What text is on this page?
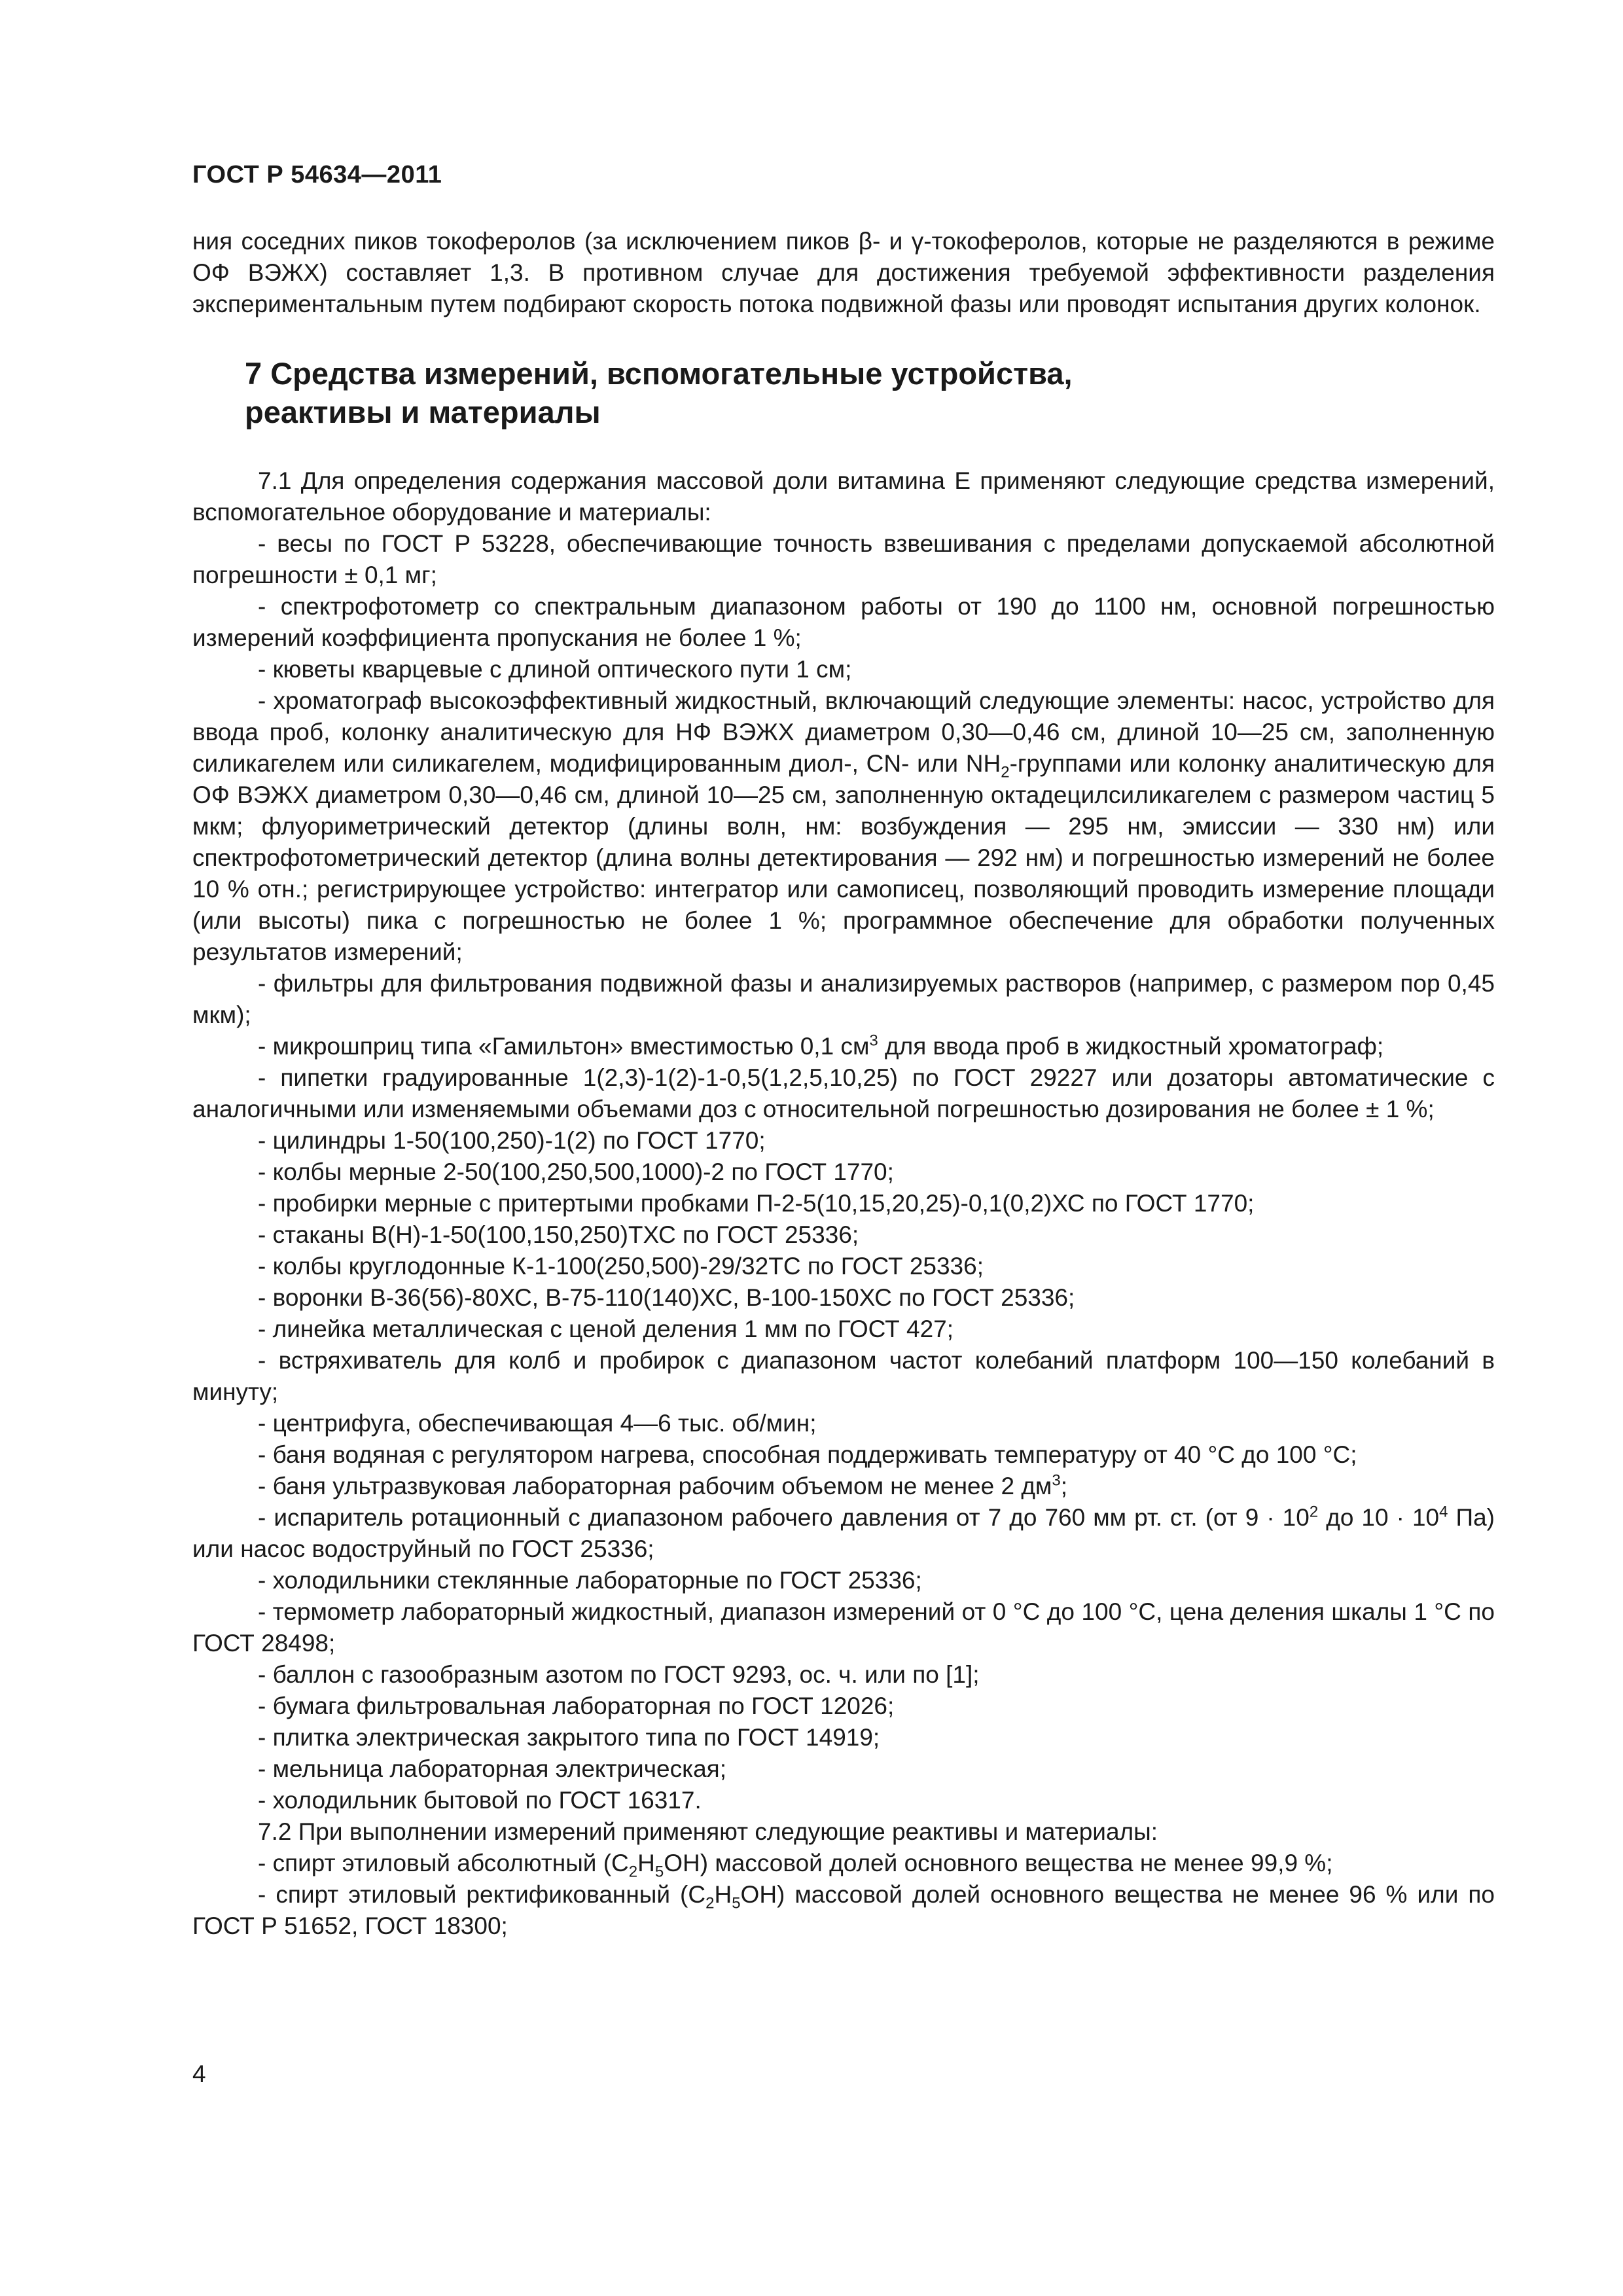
ГОСТ Р 54634—2011

ния соседних пиков токоферолов (за исключением пиков β- и γ-токоферолов, которые не разделяются в режиме ОФ ВЭЖХ) составляет 1,3. В противном случае для достижения требуемой эффективности разделения экспериментальным путем подбирают скорость потока подвижной фазы или проводят испытания других колонок.

7 Средства измерений, вспомогательные устройства,
реактивы и материалы

7.1 Для определения содержания массовой доли витамина Е применяют следующие средства измерений, вспомогательное оборудование и материалы:

- весы по ГОСТ Р 53228, обеспечивающие точность взвешивания с пределами допускаемой абсолютной погрешности ± 0,1 мг;

- спектрофотометр со спектральным диапазоном работы от 190 до 1100 нм, основной погрешностью измерений коэффициента пропускания не более 1 %;

- кюветы кварцевые с длиной оптического пути 1 см;

- хроматограф высокоэффективный жидкостный, включающий следующие элементы: насос, устройство для ввода проб, колонку аналитическую для НФ ВЭЖХ диаметром 0,30—0,46 см, длиной 10—25 см, заполненную силикагелем или силикагелем, модифицированным диол-, CN- или $NH_2$-группами или колонку аналитическую для ОФ ВЭЖХ диаметром 0,30—0,46 см, длиной 10—25 см, заполненную октадецилсиликагелем с размером частиц 5 мкм; флуориметрический детектор (длины волн, нм: возбуждения — 295 нм, эмиссии — 330 нм) или спектрофотометрический детектор (длина волны детектирования — 292 нм) и погрешностью измерений не более 10 % отн.; регистрирующее устройство: интегратор или самописец, позволяющий проводить измерение площади (или высоты) пика с погрешностью не более 1 %; программное обеспечение для обработки полученных результатов измерений;

- фильтры для фильтрования подвижной фазы и анализируемых растворов (например, с размером пор 0,45 мкм);

- микрошприц типа «Гамильтон» вместимостью 0,1 $см^3$ для ввода проб в жидкостный хроматограф;

- пипетки градуированные 1(2,3)-1(2)-1-0,5(1,2,5,10,25) по ГОСТ 29227 или дозаторы автоматические с аналогичными или изменяемыми объемами доз с относительной погрешностью дозирования не более ± 1 %;

- цилиндры 1-50(100,250)-1(2) по ГОСТ 1770;

- колбы мерные 2-50(100,250,500,1000)-2 по ГОСТ 1770;

- пробирки мерные с притертыми пробками П-2-5(10,15,20,25)-0,1(0,2)ХС по ГОСТ 1770;

- стаканы В(Н)-1-50(100,150,250)ТХС по ГОСТ 25336;

- колбы круглодонные К-1-100(250,500)-29/32ТС по ГОСТ 25336;

- воронки В-36(56)-80ХС, В-75-110(140)ХС, В-100-150ХС по ГОСТ 25336;

- линейка металлическая с ценой деления 1 мм по ГОСТ 427;

- встряхиватель для колб и пробирок с диапазоном частот колебаний платформ 100—150 колебаний в минуту;

- центрифуга, обеспечивающая 4—6 тыс. об/мин;

- баня водяная с регулятором нагрева, способная поддерживать температуру от 40 °С до 100 °С;

- баня ультразвуковая лабораторная рабочим объемом не менее 2 $дм^3$;

- испаритель ротационный с диапазоном рабочего давления от 7 до 760 мм рт. ст. (от $9 \cdot 10^2$ до $10 \cdot 10^4$ Па) или насос водоструйный по ГОСТ 25336;

- холодильники стеклянные лабораторные по ГОСТ 25336;

- термометр лабораторный жидкостный, диапазон измерений от 0 °С до 100 °С, цена деления шкалы 1 °С по ГОСТ 28498;

- баллон с газообразным азотом по ГОСТ 9293, ос. ч. или по [1];

- бумага фильтровальная лабораторная по ГОСТ 12026;

- плитка электрическая закрытого типа по ГОСТ 14919;

- мельница лабораторная электрическая;

- холодильник бытовой по ГОСТ 16317.

7.2 При выполнении измерений применяют следующие реактивы и материалы:

- спирт этиловый абсолютный $(С_2Н_5ОН)$ массовой долей основного вещества не менее 99,9 %;

- спирт этиловый ректификованный $(С_2Н_5ОН)$ массовой долей основного вещества не менее 96 % или по ГОСТ Р 51652, ГОСТ 18300;

4
